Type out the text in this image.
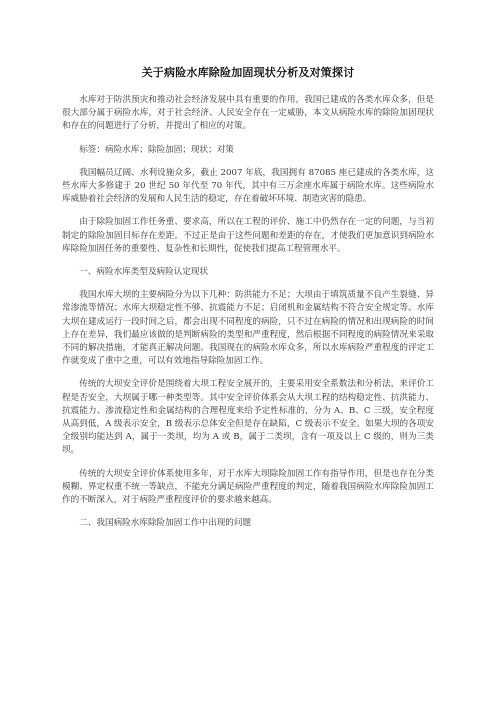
关于病险水库除险加固现状分析及对策探讨

水库对于防洪预灾和推动社会经济发展中具有重要的作用，我国已建成的各类水库众多，但是很大部分属于病险水库，对于社会经济、人民安全存在一定威胁，本文从病险水库的除险加固现状和存在的问题进行了分析，并提出了相应的对策。

标签：病险水库；除险加固；现状；对策

我国幅员辽阔、水利设施众多，截止 2007 年底，我国拥有 87085 座已建成的各类水库，这些水库大多修建于 20 世纪 50 年代至 70 年代，其中有三万余座水库属于病险水库。这些病险水库威胁着社会经济的发展和人民生活的稳定，存在着破坏环境、制造灾害的隐患。

由于除险加固工作任务重、要求高，所以在工程的评价、施工中仍然存在一定的问题，与当初制定的除险加固目标存在差距。不过正是由于这些问题和差距的存在，才使我们更加意识到病险水库除险加固任务的重要性、复杂性和长期性，促使我们提高工程管理水平。

一、病险水库类型及病险认定现状

我国水库大坝的主要病险分为以下几种：防洪能力不足；大坝由于填筑质量不良产生裂缝、异常渗流等情况；水库大坝稳定性不够、抗震能力不足；启闭机和金属结构不符合安全规定等。水库大坝在建成运行一段时间之后，都会出现不同程度的病险，只不过在病险的情况和出现病险的时间上存在差异，我们最应该做的是判断病险的类型和严重程度，然后根据不同程度的病险情况来采取不同的解决措施，才能真正解决问题。我国现在的病险水库众多，所以水库病险严重程度的评定工作就变成了重中之重，可以有效地指导除险加固工作。

传统的大坝安全评价是围绕着大坝工程安全展开的，主要采用安全系数法和分析法，来评价工程是否安全，大坝属于哪一种类型等。其中安全评价体系会从大坝工程的结构稳定性、抗洪能力、抗震能力、渗流稳定性和金属结构的合理程度来给予定性标准的，分为 A、B、C 三级，安全程度从高到低，A 级表示安全，B 级表示总体安全但是存在缺陷，C 级表示不安全。如果大坝的各项安全级别均能达到 A，属于一类坝，均为 A 或 B，属于二类坝，含有一项及以上 C 级的，则为三类坝。

传统的大坝安全评价体系使用多年，对于水库大坝除险加固工作有指导作用，但是也存在分类模糊、界定权重不统一等缺点，不能充分满足病险严重程度的判定，随着我国病险水库除险加固工作的不断深入，对于病险严重程度评价的要求越来越高。

二、我国病险水库除险加固工作中出现的问题
